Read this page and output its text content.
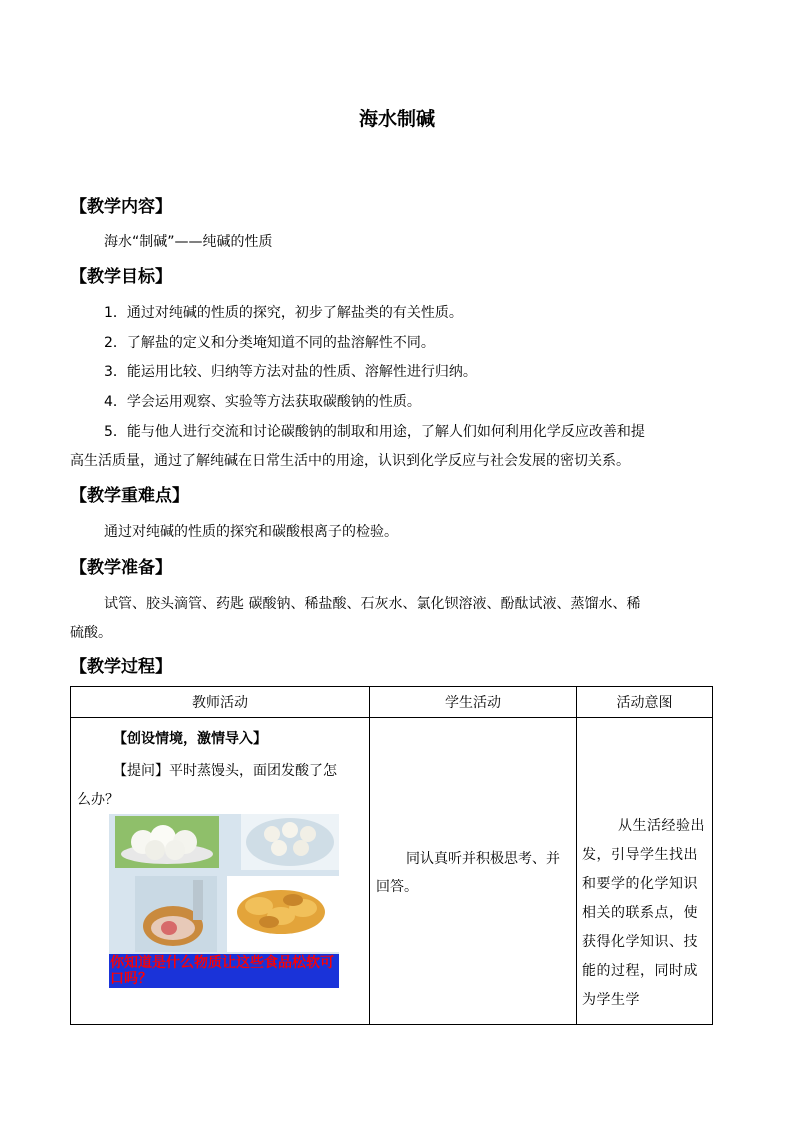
海水制碱
【教学内容】
海水“制碱”——纯碱的性质
【教学目标】
1．通过对纯碱的性质的探究，初步了解盐类的有关性质。
2．了解盐的定义和分类埯知道不同的盐溶解性不同。
3．能运用比较、归纳等方法对盐的性质、溶解性进行归纳。
4．学会运用观察、实验等方法获取碳酸钠的性质。
5．能与他人进行交流和讨论碳酸钠的制取和用途，了解人们如何利用化学反应改善和提
高生活质量，通过了解纯碱在日常生活中的用途，认识到化学反应与社会发展的密切关系。
【教学重难点】
通过对纯碱的性质的探究和碳酸根离子的检验。
【教学准备】
试管、胶头滴管、药匙 碳酸钠、稀盐酸、石灰水、氯化钡溶液、酚酞试液、蒸馏水、稀
硫酸。
【教学过程】
教师活动	学生活动	活动意图

【创设情境，激情导入】
【提问】平时蒸馒头，面团发酸了怎
么办？
你知道是什么物质让这些食品松软可口吗？	同认真听并积极思考、并回答。	从生活经验出发，引导学生找出和要学的化学知识相关的联系点，使获得化学知识、技能的过程，同时成为学生学
